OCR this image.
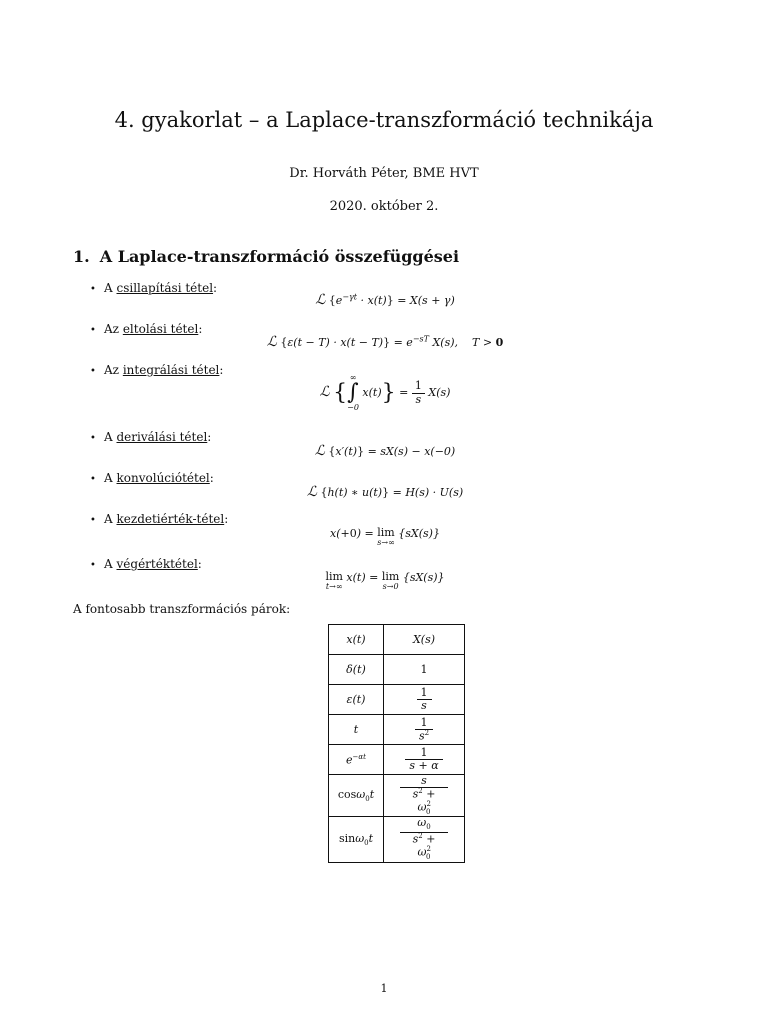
4. gyakorlat – a Laplace-transzformáció technikája
Dr. Horváth Péter, BME HVT
2020. október 2.
1. A Laplace-transzformáció összefüggései
• A csillapítási tétel:
ℒ $\{e^{-\gamma t} \cdot x(t)\} = X(s + \gamma)$
• Az eltolási tétel:
ℒ $\{\varepsilon(t - T) \cdot x(t - T)\} = e^{-sT}$ X(s),    T > 0
• Az integrálási tétel:
ℒ {
∞
∫
−0
$x(t)\} = \frac{1}{s} X(s)$
• A deriválási tétel:
ℒ {x′(t)} = sX(s) − x(−0)
• A konvolúciótétel:
ℒ {h(t) ∗ u(t)} = H(s) · U(s)
• A kezdetiérték-tétel:
x(+0) = lim
s→∞
{sX(s)}
• A végértéktétel:
lim
t→∞
x(t) = lim
s→0
{sX(s)}
A fontosabb transzformációs párok:
x(t)	X(s)
δ(t)	1
ε(t)	$\frac{1}{s}$

t	$\frac{1}{s^2}$

$e^{-\alpha t}$	$\frac{1}{s + \alpha}$

cosω$_0$t	$\frac{s}{s^2 + \omega^2_0}$

sinω$_0$t	$\frac{\omega_0}{s^2 + \omega^2_0}$
1
